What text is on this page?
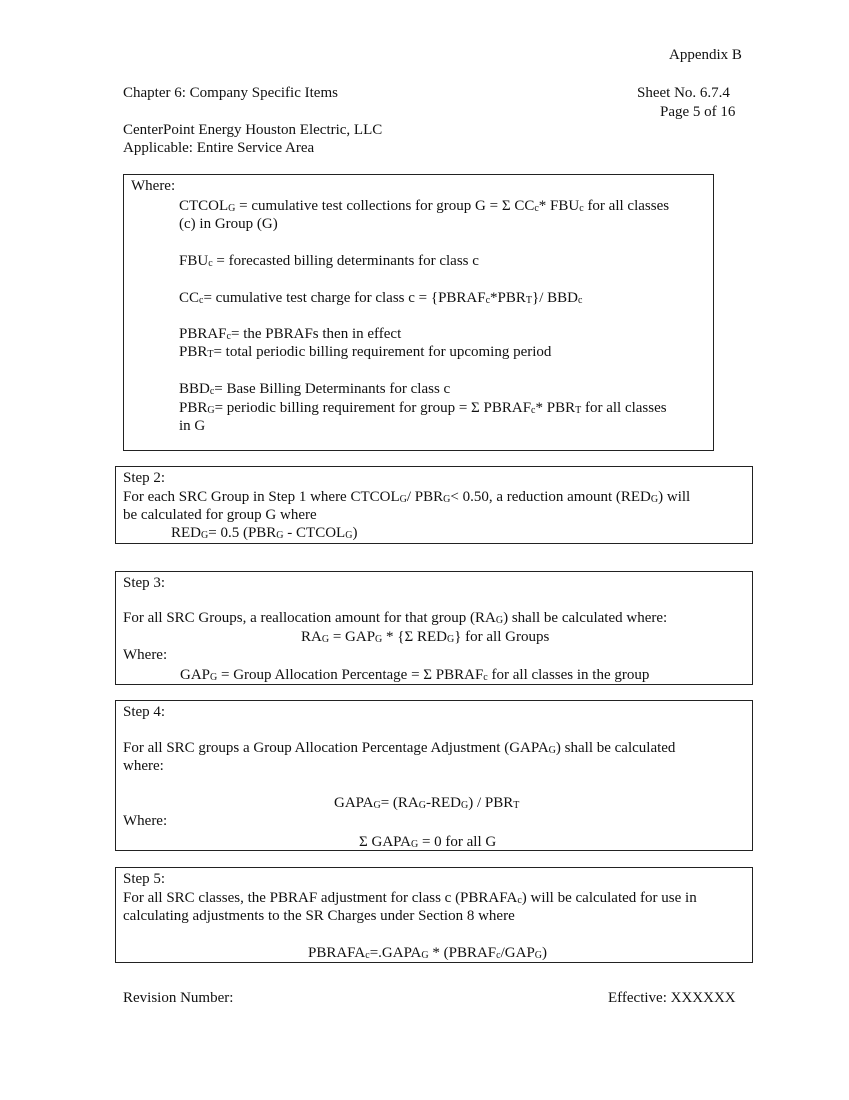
Appendix B
Chapter 6: Company Specific Items	Sheet No. 6.7.4
Page 5 of 16
CenterPoint Energy Houston Electric, LLC
Applicable: Entire Service Area
Where:
$CTCOL_G$ = cumulative test collections for group G = Σ $CC_c*$ $FBU_c$ for all classes
(c) in Group (G)
$FBU_c$ = forecasted billing determinants for class c
$CC_c=$ cumulative test charge for class $c = \{PBRAF_c*PBR_T\}/$ $BBD_c$
$PBRAF_c=$ the PBRAFs then in effect
$PBR_T=$ total periodic billing requirement for upcoming period
$BBD_c=$ Base Billing Determinants for class c
$PBR_G=$ periodic billing requirement for group = Σ $PBRAF_c*$ $PBR_T$ for all classes
in G
Step 2:
For each SRC Group in Step 1 where $CTCOL_G/$ $PBR_G< 0.50$, a reduction amount $(RED_G)$ will
be calculated for group G where
$RED_G= 0.5$ ($PBR_G$ - $CTCOL_G$)
Step 3:
For all SRC Groups, a reallocation amount for that group $(RA_G)$ shall be calculated where:
$RA_G = GAP_G * \{\Sigma$ $RED_G$} for all Groups
Where:
$GAP_G$ = Group Allocation Percentage = Σ $PBRAF_c$ for all classes in the group
Step 4:
For all SRC groups a Group Allocation Percentage Adjustment $(GAPA_G)$ shall be calculated
where:
$GAPA_G= (RA_G-RED_G) / PBR_T$
Where:
Σ $GAPA_G = 0$ for all G
Step 5:
For all SRC classes, the PBRAF adjustment for class c $(PBRAFA_c)$ will be calculated for use in
calculating adjustments to the SR Charges under Section 8 where
$PBRAFA_c=.GAPA_G$ * $(PBRAF_c/GAP_G)$
Revision Number:	Effective: XXXXXX
